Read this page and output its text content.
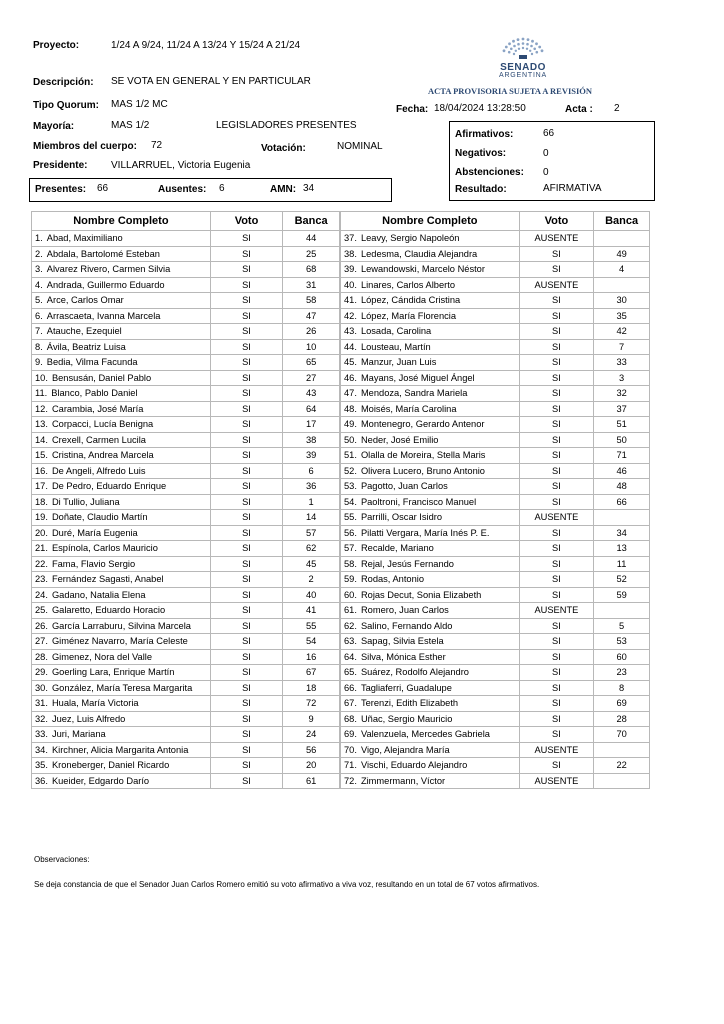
Proyecto:	1/24 A 9/24, 11/24 A 13/24 Y 15/24 A 21/24
Descripción: SE VOTA EN GENERAL Y EN PARTICULAR
Tipo Quorum: MAS 1/2 MC
Mayoría:	MAS 1/2	LEGISLADORES PRESENTES
Miembros del cuerpo: 72	Votación:	NOMINAL
Presidente: VILLARRUEL, Victoria Eugenia
Presentes: 66	Ausentes: 6	AMN: 34
SENADO
ARGENTINA
ACTA PROVISORIA SUJETA A REVISIÓN
Fecha: 18/04/2024 13:28:50	Acta : 2
Afirmativos:	66
Negativos:	0
Abstenciones: 0
Resultado:	AFIRMATIVA
Nombre Completo	Voto	Banca
1. Abad, Maximiliano	SI	44
2. Abdala, Bartolomé Esteban	SI	25
3. Alvarez Rivero, Carmen Silvia	SI	68
4. Andrada, Guillermo Eduardo	SI	31
5. Arce, Carlos Omar	SI	58
6. Arrascaeta, Ivanna Marcela	SI	47
7. Atauche, Ezequiel	SI	26
8. Ávila, Beatriz Luisa	SI	10
9. Bedia, Vilma Facunda	SI	65
10. Bensusán, Daniel Pablo	SI	27
11. Blanco, Pablo Daniel	SI	43
12. Carambia, José María	SI	64
13. Corpacci, Lucía Benigna	SI	17
14. Crexell, Carmen Lucila	SI	38
15. Cristina, Andrea Marcela	SI	39
16. De Angeli, Alfredo Luis	SI	6
17. De Pedro, Eduardo Enrique	SI	36
18. Di Tullio, Juliana	SI	1
19. Doñate, Claudio Martín	SI	14
20. Duré, María Eugenia	SI	57
21. Espínola, Carlos Mauricio	SI	62
22. Fama, Flavio Sergio	SI	45
23. Fernández Sagasti, Anabel	SI	2
24. Gadano, Natalia Elena	SI	40
25. Galaretto, Eduardo Horacio	SI	41
26. García Larraburu, Silvina Marcela	SI	55
27. Giménez Navarro, María Celeste	SI	54
28. Gimenez, Nora del Valle	SI	16
29. Goerling Lara, Enrique Martín	SI	67
30. González, María Teresa Margarita	SI	18
31. Huala, María Victoria	SI	72
32. Juez, Luis Alfredo	SI	9
33. Juri, Mariana	SI	24
34. Kirchner, Alicia Margarita Antonia	SI	56
35. Kroneberger, Daniel Ricardo	SI	20
36. Kueider, Edgardo Darío	SI	61
Nombre Completo	Voto	Banca
37. Leavy, Sergio Napoleón	AUSENTE	
38. Ledesma, Claudia Alejandra	SI	49
39. Lewandowski, Marcelo Néstor	SI	4
40. Linares, Carlos Alberto	AUSENTE	
41. López, Cándida Cristina	SI	30
42. López, María Florencia	SI	35
43. Losada, Carolina	SI	42
44. Lousteau, Martín	SI	7
45. Manzur, Juan Luis	SI	33
46. Mayans, José Miguel Ángel	SI	3
47. Mendoza, Sandra Mariela	SI	32
48. Moisés, María Carolina	SI	37
49. Montenegro, Gerardo Antenor	SI	51
50. Neder, José Emilio	SI	50
51. Olalla de Moreira, Stella Maris	SI	71
52. Olivera Lucero, Bruno Antonio	SI	46
53. Pagotto, Juan Carlos	SI	48
54. Paoltroni, Francisco Manuel	SI	66
55. Parrilli, Oscar Isidro	AUSENTE	
56. Pilatti Vergara, María Inés P. E.	SI	34
57. Recalde, Mariano	SI	13
58. Rejal, Jesús Fernando	SI	11
59. Rodas, Antonio	SI	52
60. Rojas Decut, Sonia Elizabeth	SI	59
61. Romero, Juan Carlos	AUSENTE	
62. Salino, Fernando Aldo	SI	5
63. Sapag, Silvia Estela	SI	53
64. Silva, Mónica Esther	SI	60
65. Suárez, Rodolfo Alejandro	SI	23
66. Tagliaferri, Guadalupe	SI	8
67. Terenzi, Edith Elizabeth	SI	69
68. Uñac, Sergio Mauricio	SI	28
69. Valenzuela, Mercedes Gabriela	SI	70
70. Vigo, Alejandra María	AUSENTE	
71. Vischi, Eduardo Alejandro	SI	22
72. Zimmermann, Víctor	AUSENTE	
Observaciones:
Se deja constancia de que el Senador Juan Carlos Romero emitió su voto afirmativo a viva voz, resultando en un total de 67 votos afirmativos.
